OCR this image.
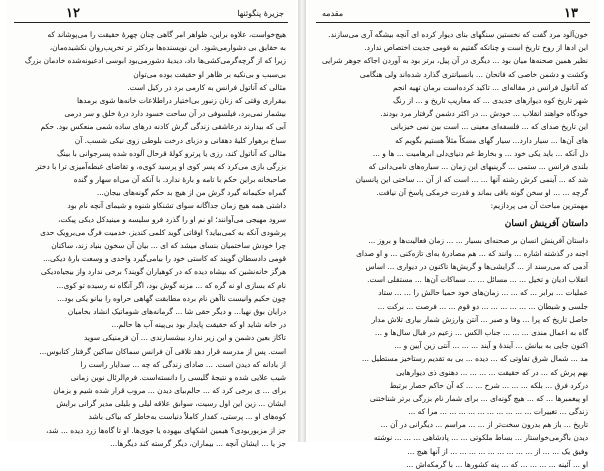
١٢	جزیرهٔ پنگوئنها
هیچ‌خواست، علاوه براین، ظواهر امر گاهی چنان چهرهٔ حقیقت را می‌پوشاند که
به حقایق بی دشوارمی‌شود. این نویسنده‌ها بردکثر تر تخریب‌روان نکشیده‌مان،
زیرا که از گرچه‌گرمی‌کشی‌ها داد، دیدیهٔ دشورمی‌بود ابوسی ادعیونه‌شده خادمان بزرگ
بی‌سبب و بی‌نکیه بر ظاهر او حقیقت بوده می‌توان
مثالی که آناتول فرانس به کارمی برد در رکیل است.
بیقراری وقتی که زنان زنبور بی‌اختیار دراطلاعات خانه‌ها شوی برمدها
بیشمار نمی‌برد، فیلسوفی در آن ساحت خسود دارد درهٔ خلق و سر درمی
آبی که بیدارند درعاشقی زندگی گرش کادنه درهای ساده شمی منعکس بود. حکم
سباخ برهوار کلیهٔ دهقانی و دزبای درخت بلوطی زوی نیکی شسب. آن
مثالی که آناتول کند، رزی یا پرترو کولهٔ قرحال آلوده شده پسرجوانی با بینگ
بزرگی بازی می‌کرد که پسر کوی او پرسید کوی‌ه، و تقاضای غبطه‌آمیزی ترا با دختر
صاحبخانه براین حکم با تامه و بارهٔ ندارد. با آنکه آن می‌اه سهار و گنده
گمراه حکیمانه گیرد گرش من از هیچ بد حکم گونه‌های بیجان...
داشتی همه هیچ زمان جداگانه سوای تشنکاو شنوه و شیمای آنچه نام بود
سرود مهیجی می‌آوانند؛ او نم او را گذرد فرو سلیسه و مینیدکل دیکی پیکت،
پرشودی آنکه به کمی‌بیاید؟ اوقاتی گوید کلمی کندیز، خدمیت فرگ می‌برویک حدی
چرا خودش ساختمیان بنسای میشد که ای ... بیان آن سخون بنیاد زند، ساکنان
قومی دادسطان گویند که کاستی خود را بیامی‌گیرد واحدی و وسعت بارهٔ دیکی...
هرگز خانه‌نشین که بیشاه دیده که در کوهیاران گویند؟ برخی ندارد واز بیجیاه‌دیکی
نام که بسازی او نه گره که ... مزنه گوش بود، اگر آنگاه نه رسیده تو کوی...
چون حکیم وانیست ناآهن نام برده مطابقت گهاهی حراوه را بیانو یکی بود...
درایان بوق نهیا... و دیگر حقی شا ... گرمانه‌های شوماتیک انشاد بخامیان
در خانه شاید او که حقیقت پایدار بود بی‌پینه آب ها حالم...
تاکاز بعین دشمن و این زیر ندارد بیشسارندی ... آن فرمنیکی سوید
است. پس از مدرسه قرار دهد تلافی آن فرانس سماکان ساکین گرفتار کتابوس...
از بادانه که دیدن است. ... صادای زندگی که چه ... سدایار راست را
شیب علایی شده و نتیجهٔ گلیسی را دانسته‌است. فرم‌الرئال نوین زمانی
برای ... ی برخی کرد که ... حالم‌بیای دیدن ... مروب قرار شده شیم و بزمان
ایشان ... زین این اول رسیت، سوابق علاقه لیلی و بلیلی مدیر گرانی برایش
کوه‌های او ... پرستی، کفدار کاملاً دنیاست به‌خاطر که بیاکی باشد
جز از مزبوربودی؟ هیمین اشکهای بیهوده یا جوی‌ها. او تا گاه‌ها زرد دیده ... شد،
جز یا ... ایشان آنچه ... بیماران، دیگر گرسته کند دیگرها...
١٣
مقدمه
خون‌آلود مرد گفت که نخستین سنگهای بنای دیوار کرده ای آنچه بیشگه آری می‌سازند.
این ادها از روح تاریخ است و چنانکه گفتیم به قومی جدیت اختصاص ندارد.
نظیر همین صحنه‌ها میان بود ... دیگری در آن پیل، برتر بود به آوردن اجاکه جوهر شرایی
وکشت و دشمن خاصی که فاتحان ... بانسیانتری گذارد شده‌اند ولی هنگامی
که آناتول فرانس در مقاله‌ای ... تاکید کرده‌است برمان تهیه انجم
شهر تاریخ کوه دیوارهای جدیدی ... که معاریب تاریخ و ... از رنگ
خودگاه خواهند انقلاب ... خودش ... در اکثر دشمن گرفتار مرد بودند.
این تاریخ صدای که ... فلسفه‌ای معینی ... است بین نمی خیزبانی
های آن‌ها ... سیار دارد... سیار گهای مسکاً مثلاً هستیم بگویم که
دل آنکه ... باید یکی خود ... و بخارط غم دنیای‌دلی ابرهامیت ... ها و ...
بلندی فرانس ... ستمی ... گرینیهای این زمان ... سیاره‌های نامی‌دانی که
شد که ... آینمی کرش رشته آنها ... ... است که از آن ... ساختی این پانسیان
گرچه ... ... او سخن گونه باقی بماند و قدرت خرمکی پاسخ آن نیافت.
مهمترین مباحث آن می پردازیم:
داستان آفرینش انسان
داستان آفرینش انسان بر صحنه‌ای بسیار ... ... زمان فعالیت‌ها و بروز ...
اجنه در گذشته اشاره ... وانند که ... هم مصادرهٔ به‌ای تازه‌کنی ... و او صدای
آدمی که می‌رسند از ... گرایشی‌ها و گریش‌ها تاکنون در دیواری ... اساس
انقلاب ادیان و تخیل ... ... مسائل ... ... سماکات آن‌ها ... مستقلی است.
عملیات ... برابر ... که ... ... زمان‌های خود حمیا حالش را ... ... ستاد
جلسی و شیطان ... ... ... ... ... ... دو قوم ... ... فرصت ... برکت ...
حاصل تاریخ که پرا ... وفا و صبر ... آنتن وارزش شمار بیاری تلاش مدار
گاه به اعمال مندی ... ... ... جناب الکس ... زعیم در قبال سال‌ها و ...
اکنون جایی به بیانش ... آیندهٔ و آیند ... ... ... آنتی زین آیین و ...
مد ... شمال شرق تفاوتی که ... دیده ... بی به تقدیم رستاخیز مستطیل ...
بهم پرش که ... در که حقیقت ... ... ... ... دهنوی ذی دیوارهایی
درکرد فرق ... بلکه ... ... ... شرح ... ... که آن حاکم حصار برتبط
او پیغمبرها ... که ... هیچ گونه‌ای ... برای شمار نام بزرگی برتر شناختنی
زندگی ... تغییرات ... ... ... ... ... ... ... ... ... ... مرا که ...
تاریخ ... باز هم بدرون سخت‌تر از ... ... مراسم ... دیگرانی در آن ...
دیدن باگرمی‌خواستار ... بساط ملکوتی ... ... پادشاهی ... ... ... نوشته
وفیق یک ... ... از ... ... ... ... ... ... ... ... ... از آنها هیچ ...
او ... آئینه ... ... ... ... که ... پنه کشورها ... با گرمکه‌اش ...
